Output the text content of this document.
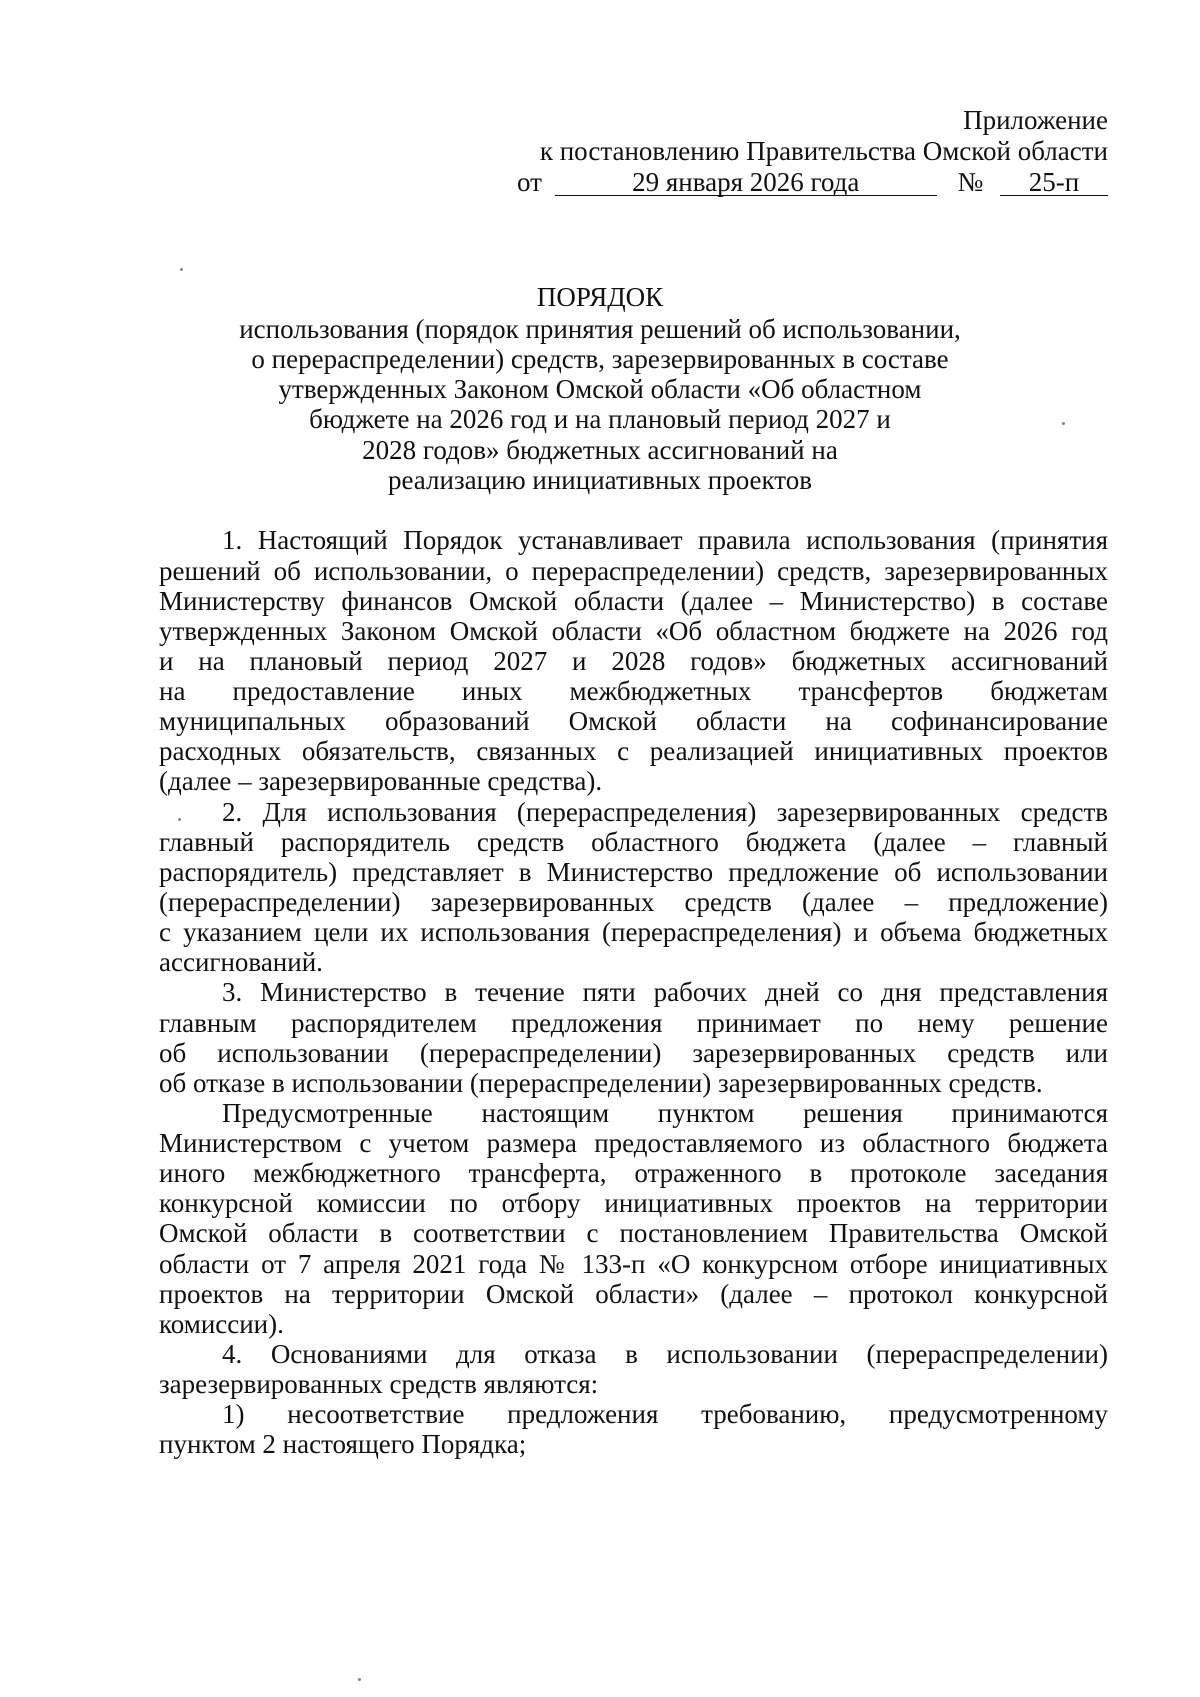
Приложение
к постановлению Правительства Омской области
от	29 января 2026 года	№ 25-п
ПОРЯДОК
использования (порядок принятия решений об использовании,
о перераспределении) средств, зарезервированных в составе
утвержденных Законом Омской области «Об областном
бюджете на 2026 год и на плановый период 2027 и
2028 годов» бюджетных ассигнований на
реализацию инициативных проектов
1. Настоящий Порядок устанавливает правила использования (принятия
решений об использовании, о перераспределении) средств, зарезервированных
Министерству финансов Омской области (далее – Министерство) в составе
утвержденных Законом Омской области «Об областном бюджете на 2026 год
и на плановый период 2027 и 2028 годов» бюджетных ассигнований
на предоставление иных межбюджетных трансфертов бюджетам
муниципальных образований Омской области на софинансирование
расходных обязательств, связанных с реализацией инициативных проектов
(далее – зарезервированные средства).
2. Для использования (перераспределения) зарезервированных средств
главный распорядитель средств областного бюджета (далее – главный
распорядитель) представляет в Министерство предложение об использовании
(перераспределении) зарезервированных средств (далее – предложение)
с указанием цели их использования (перераспределения) и объема бюджетных
ассигнований.
3. Министерство в течение пяти рабочих дней со дня представления
главным распорядителем предложения принимает по нему решение
об использовании (перераспределении) зарезервированных средств или
об отказе в использовании (перераспределении) зарезервированных средств.
Предусмотренные настоящим пунктом решения принимаются
Министерством с учетом размера предоставляемого из областного бюджета
иного межбюджетного трансферта, отраженного в протоколе заседания
конкурсной комиссии по отбору инициативных проектов на территории
Омской области в соответствии с постановлением Правительства Омской
области от 7 апреля 2021 года № 133-п «О конкурсном отборе инициативных
проектов на территории Омской области» (далее – протокол конкурсной
комиссии).
4. Основаниями для отказа в использовании (перераспределении)
зарезервированных средств являются:
1) несоответствие предложения требованию, предусмотренному
пунктом 2 настоящего Порядка;
